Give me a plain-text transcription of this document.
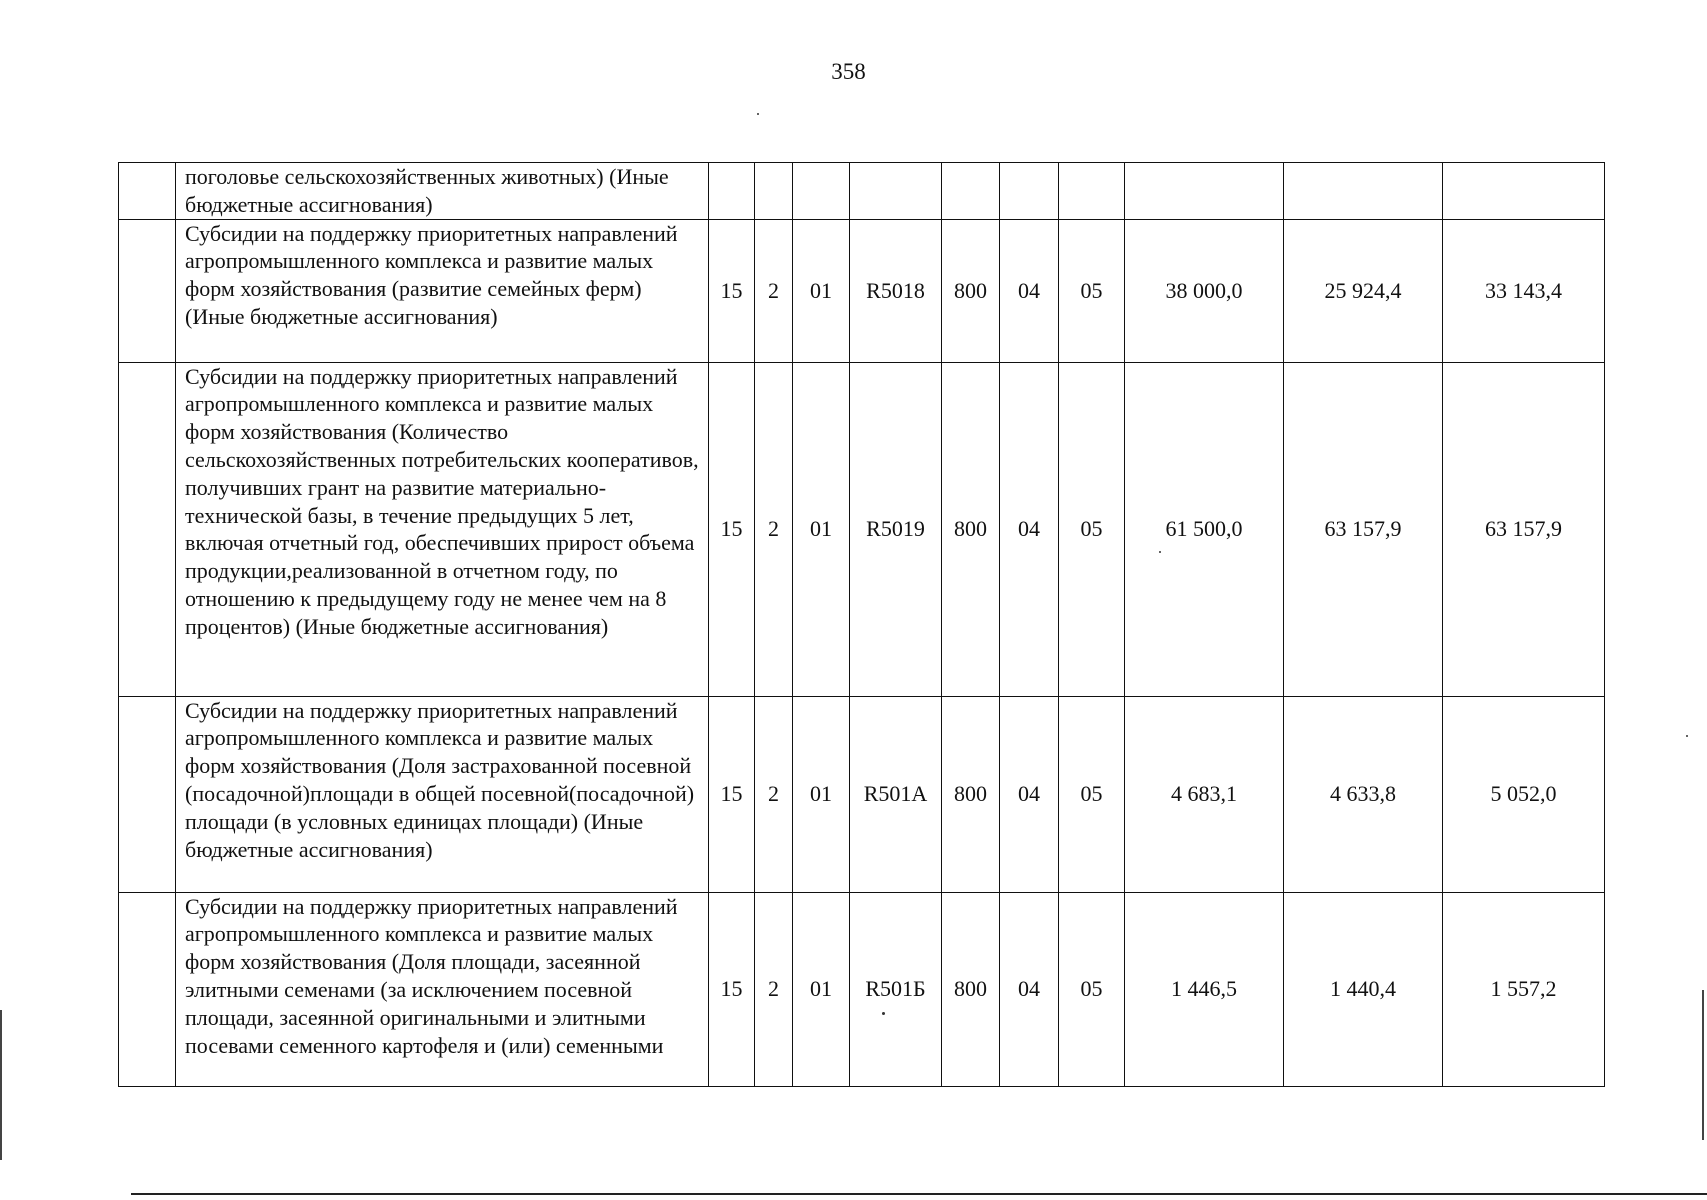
358
	поголовье сельскохозяйственных животных) (Иные бюджетные ассигнования)										
	Субсидии на поддержку приоритетных направлений агропромышленного комплекса и развитие малых форм хозяйствования (развитие семейных ферм) (Иные бюджетные ассигнования)	15	2	01	R5018	800	04	05	38 000,0	25 924,4	33 143,4
	Субсидии на поддержку приоритетных направлений агропромышленного комплекса и развитие малых форм хозяйствования (Количество сельскохозяйственных потребительских кооперативов, получивших грант на развитие материально-технической базы, в течение предыдущих 5 лет, включая отчетный год, обеспечивших прирост объема продукции,реализованной в отчетном году, по отношению к предыдущему году не менее чем на 8 процентов) (Иные бюджетные ассигнования)	15	2	01	R5019	800	04	05	61 500,0	63 157,9	63 157,9
	Субсидии на поддержку приоритетных направлений агропромышленного комплекса и развитие малых форм хозяйствования (Доля застрахованной посевной (посадочной)площади в общей посевной(посадочной) площади (в условных единицах площади) (Иные бюджетные ассигнования)	15	2	01	R501А	800	04	05	4 683,1	4 633,8	5 052,0
	Субсидии на поддержку приоритетных направлений агропромышленного комплекса и развитие малых форм хозяйствования (Доля площади, засеянной элитными семенами (за исключением посевной площади, засеянной оригинальными и элитными посевами семенного картофеля и (или) семенными	15	2	01	R501Б	800	04	05	1 446,5	1 440,4	1 557,2
